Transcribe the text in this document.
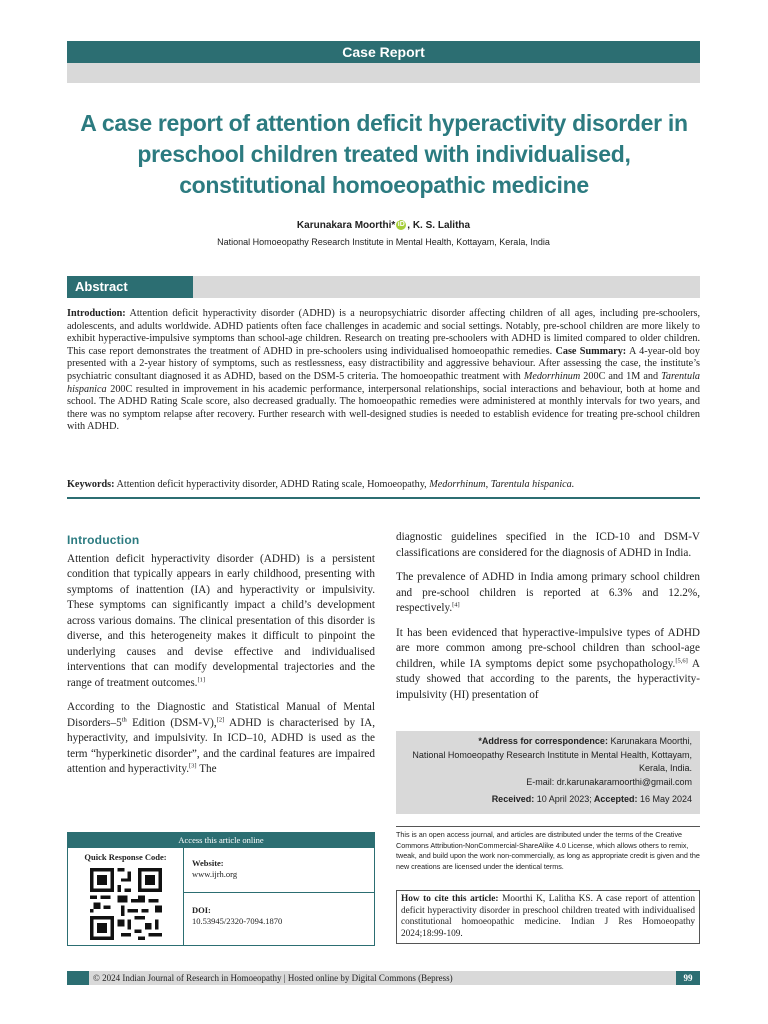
Case Report
A case report of attention deficit hyperactivity disorder in preschool children treated with individualised, constitutional homoeopathic medicine
Karunakara Moorthi* iD , K. S. Lalitha
National Homoeopathy Research Institute in Mental Health, Kottayam, Kerala, India
Abstract
Introduction: Attention deficit hyperactivity disorder (ADHD) is a neuropsychiatric disorder affecting children of all ages, including pre-schoolers, adolescents, and adults worldwide. ADHD patients often face challenges in academic and social settings. Notably, pre-school children are more likely to exhibit hyperactive-impulsive symptoms than school-age children. Research on treating pre-schoolers with ADHD is limited compared to older children. This case report demonstrates the treatment of ADHD in pre-schoolers using individualised homoeopathic remedies. Case Summary: A 4-year-old boy presented with a 2-year history of symptoms, such as restlessness, easy distractibility and aggressive behaviour. After assessing the case, the institute’s psychiatric consultant diagnosed it as ADHD, based on the DSM-5 criteria. The homoeopathic treatment with Medorrhinum 200C and 1M and Tarentula hispanica 200C resulted in improvement in his academic performance, interpersonal relationships, social interactions and behaviour, both at home and school. The ADHD Rating Scale score, also decreased gradually. The homoeopathic remedies were administered at monthly intervals for two years, and there was no symptom relapse after recovery. Further research with well-designed studies is needed to establish evidence for treating pre-school children with ADHD.
Keywords: Attention deficit hyperactivity disorder, ADHD Rating scale, Homoeopathy, Medorrhinum, Tarentula hispanica.
Introduction

Attention deficit hyperactivity disorder (ADHD) is a persistent condition that typically appears in early childhood, presenting with symptoms of inattention (IA) and hyperactivity or impulsivity. These symptoms can significantly impact a child’s development across various domains. The clinical presentation of this disorder is diverse, and this heterogeneity makes it difficult to pinpoint the underlying causes and devise effective and individualised interventions that can modify developmental trajectories and the range of treatment outcomes.[1]

According to the Diagnostic and Statistical Manual of Mental Disorders–5th Edition (DSM-V),[2] ADHD is characterised by IA, hyperactivity, and impulsivity. In ICD–10, ADHD is used as the term “hyperkinetic disorder”, and the cardinal features are impaired attention and hyperactivity.[3] The

diagnostic guidelines specified in the ICD-10 and DSM-V classifications are considered for the diagnosis of ADHD in India.

The prevalence of ADHD in India among primary school children and pre-school children is reported at 6.3% and 12.2%, respectively.[4]

It has been evidenced that hyperactive-impulsive types of ADHD are more common among pre-school children than school-age children, while IA symptoms depict some psychopathology.[5,6] A study showed that according to the parents, the hyperactivity-impulsivity (HI) presentation of

*Address for correspondence: Karunakara Moorthi,
National Homoeopathy Research Institute in Mental Health, Kottayam,
Kerala, India.
E-mail: dr.karunakaramoorthi@gmail.com
Received: 10 April 2023; Accepted: 16 May 2024
Access this article online
Quick Response Code:
Website:
www.ijrh.org
DOI:
10.53945/2320-7094.1870
This is an open access journal, and articles are distributed under the terms of the Creative Commons Attribution-NonCommercial-ShareAlike 4.0 License, which allows others to remix, tweak, and build upon the work non-commercially, as long as appropriate credit is given and the new creations are licensed under the identical terms.
How to cite this article: Moorthi K, Lalitha KS. A case report of attention deficit hyperactivity disorder in preschool children treated with individualised constitutional homoeopathic medicine. Indian J Res Homoeopathy 2024;18:99-109.
© 2024 Indian Journal of Research in Homoeopathy | Hosted online by Digital Commons (Bepress)	99
